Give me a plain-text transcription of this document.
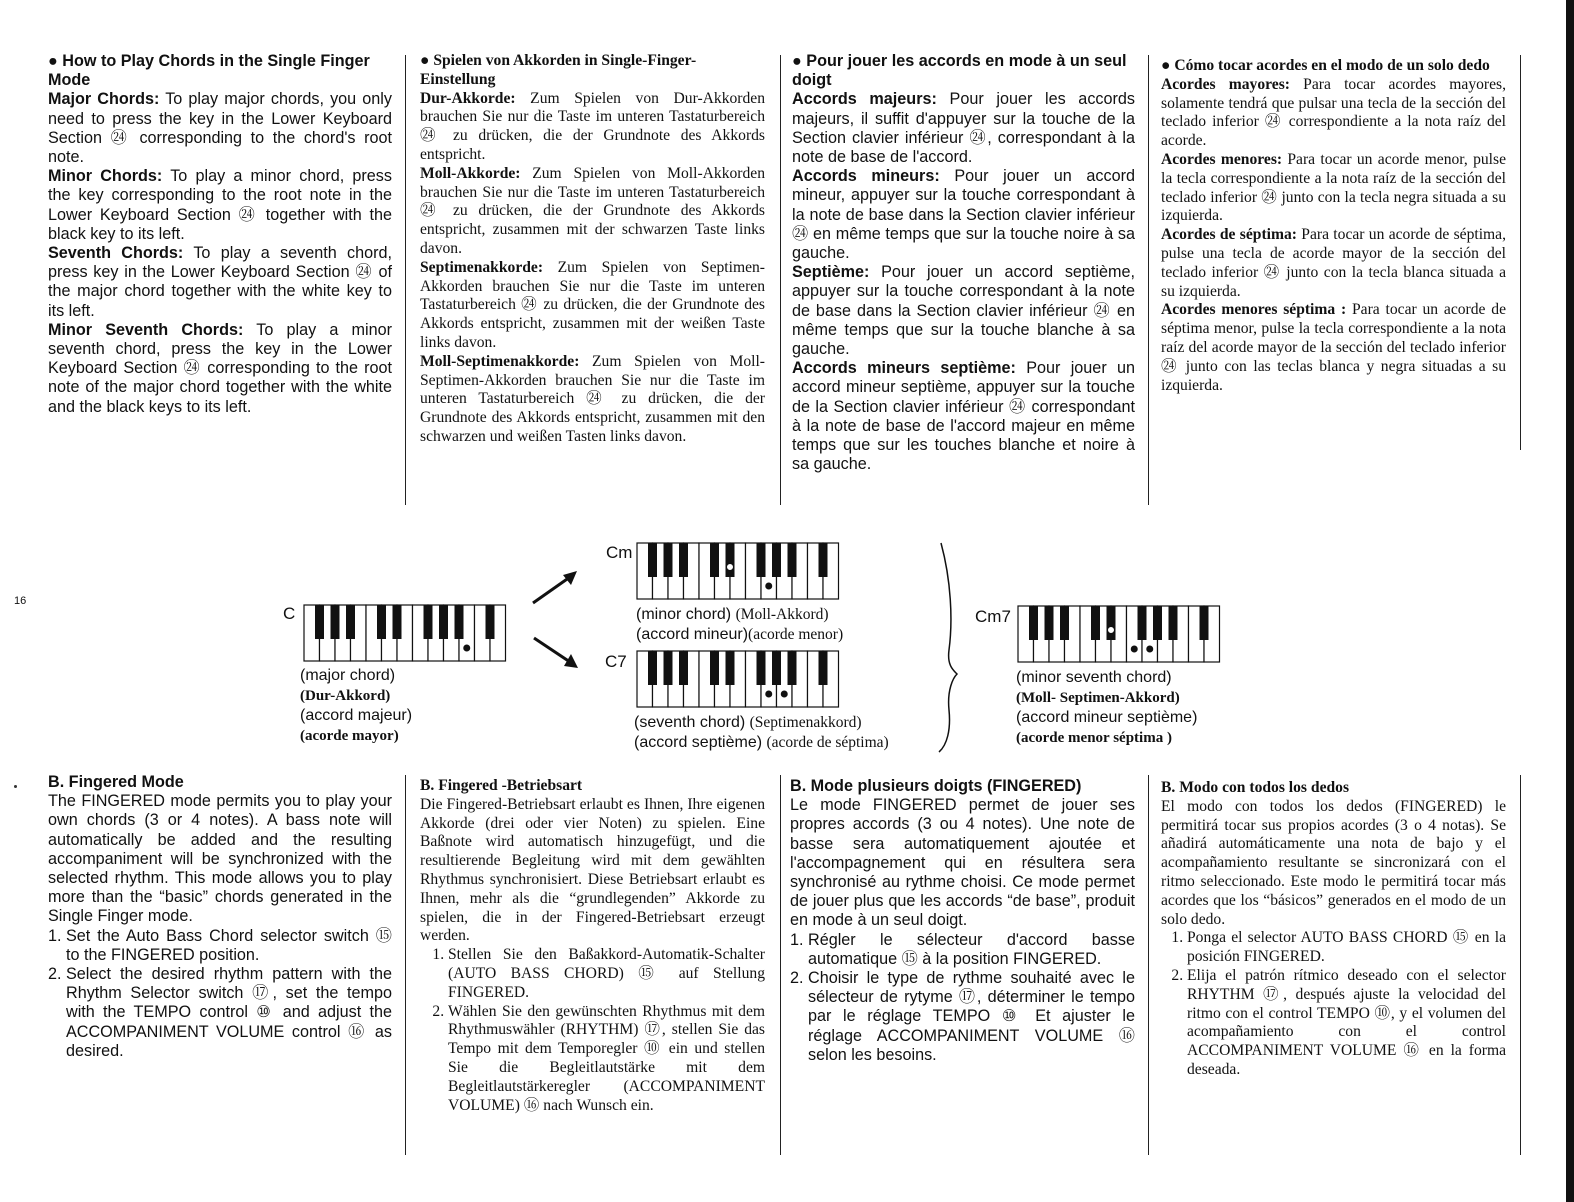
16

● How to Play Chords in the Single Finger Mode

Major Chords: To play major chords, you only need to press the key in the Lower Keyboard Section ㉔ corresponding to the chord's root note.

Minor Chords: To play a minor chord, press the key corresponding to the root note in the Lower Keyboard Section ㉔ together with the black key to its left.

Seventh Chords: To play a seventh chord, press key in the Lower Keyboard Section ㉔ of the major chord together with the white key to its left.

Minor Seventh Chords: To play a minor seventh chord, press the key in the Lower Keyboard Section ㉔ corresponding to the root note of the major chord together with the white and the black keys to its left.

● Spielen von Akkorden in Single-Finger-Einstellung

Dur-Akkorde: Zum Spielen von Dur-Akkorden brauchen Sie nur die Taste im unteren Tastaturbereich ㉔ zu drücken, die der Grundnote des Akkords entspricht.

Moll-Akkorde: Zum Spielen von Moll-Akkorden brauchen Sie nur die Taste im unteren Tastaturbereich ㉔ zu drücken, die der Grundnote des Akkords entspricht, zusammen mit der schwarzen Taste links davon.

Septimenakkorde: Zum Spielen von Septimen-Akkorden brauchen Sie nur die Taste im unteren Tastaturbereich ㉔ zu drücken, die der Grundnote des Akkords entspricht, zusammen mit der weißen Taste links davon.

Moll-Septimenakkorde: Zum Spielen von Moll-Septimen-Akkorden brauchen Sie nur die Taste im unteren Tastaturbereich ㉔ zu drücken, die der Grundnote des Akkords entspricht, zusammen mit den schwarzen und weißen Tasten links davon.

● Pour jouer les accords en mode à un seul doigt

Accords majeurs: Pour jouer les accords majeurs, il suffit d'appuyer sur la touche de la Section clavier inférieur ㉔, correspondant à la note de base de l'accord.

Accords mineurs: Pour jouer un accord mineur, appuyer sur la touche correspondant à la note de base dans la Section clavier inférieur ㉔ en même temps que sur la touche noire à sa gauche.

Septième: Pour jouer un accord septième, appuyer sur la touche correspondant à la note de base dans la Section clavier inférieur ㉔ en même temps que sur la touche blanche à sa gauche.

Accords mineurs septième: Pour jouer un accord mineur septième, appuyer sur la touche de la Section clavier inférieur ㉔ correspondant à la note de base de l'accord majeur en même temps que sur les touches blanche et noire à sa gauche.

● Cómo tocar acordes en el modo de un solo dedo

Acordes mayores: Para tocar acordes mayores, solamente tendrá que pulsar una tecla de la sección del teclado inferior ㉔ correspondiente a la nota raíz del acorde.

Acordes menores: Para tocar un acorde menor, pulse la tecla correspondiente a la nota raíz de la sección del teclado inferior ㉔ junto con la tecla negra situada a su izquierda.

Acordes de séptima: Para tocar un acorde de séptima, pulse una tecla de acorde mayor de la sección del teclado inferior ㉔ junto con la tecla blanca situada a su izquierda.

Acordes menores séptima : Para tocar un acorde de séptima menor, pulse la tecla correspondiente a la nota raíz del acorde mayor de la sección del teclado inferior ㉔ junto con las teclas blanca y negra situadas a su izquierda.

C
(major chord)
(Dur-Akkord)
(accord majeur)
(acorde mayor)
Cm
(minor chord) (Moll-Akkord)
(accord mineur)(acorde menor)
C7
(seventh chord) (Septimenakkord)
(accord septième) (acorde de séptima)
Cm7
(minor seventh chord)
(Moll- Septimen-Akkord)
(accord mineur septième)
(acorde menor séptima )

B. Fingered Mode

The FINGERED mode permits you to play your own chords (3 or 4 notes). A bass note will automatically be added and the resulting accompaniment will be synchronized with the selected rhythm. This mode allows you to play more than the “basic” chords generated in the Single Finger mode.

1. Set the Auto Bass Chord selector switch ⑮ to the FINGERED position.
2. Select the desired rhythm pattern with the Rhythm Selector switch ⑰, set the tempo with the TEMPO control ⑩ and adjust the ACCOMPANIMENT VOLUME control ⑯ as desired.

B. Fingered -Betriebsart

Die Fingered-Betriebsart erlaubt es Ihnen, Ihre eigenen Akkorde (drei oder vier Noten) zu spielen. Eine Baßnote wird automatisch hinzugefügt, und die resultierende Begleitung wird mit dem gewählten Rhythmus synchronisiert. Diese Betriebsart erlaubt es Ihnen, mehr als die “grundlegenden” Akkorde zu spielen, die in der Fingered-Betriebsart erzeugt werden.

1. Stellen Sie den Baßakkord-Automatik-Schalter (AUTO BASS CHORD) ⑮ auf Stellung FINGERED.
2. Wählen Sie den gewünschten Rhythmus mit dem Rhythmuswähler (RHYTHM) ⑰, stellen Sie das Tempo mit dem Temporegler ⑩ ein und stellen Sie die Begleitlautstärke mit dem Begleitlautstärkeregler (ACCOMPANIMENT VOLUME) ⑯ nach Wunsch ein.

B. Mode plusieurs doigts (FINGERED)

Le mode FINGERED permet de jouer ses propres accords (3 ou 4 notes). Une note de basse sera automatiquement ajoutée et l'accompagnement qui en résultera sera synchronisé au rythme choisi. Ce mode permet de jouer plus que les accords “de base”, produit en mode à un seul doigt.

1. Régler le sélecteur d'accord basse automatique ⑮ à la position FINGERED.
2. Choisir le type de rythme souhaité avec le sélecteur de rytyme ⑰, déterminer le tempo par le réglage TEMPO ⑩ Et ajuster le réglage ACCOMPANIMENT VOLUME ⑯ selon les besoins.

B. Modo con todos los dedos

El modo con todos los dedos (FINGERED) le permitirá tocar sus propios acordes (3 o 4 notas). Se añadirá automáticamente una nota de bajo y el acompañamiento resultante se sincronizará con el ritmo seleccionado. Este modo le permitirá tocar más acordes que los “básicos” generados en el modo de un solo dedo.

1. Ponga el selector AUTO BASS CHORD ⑮ en la posición FINGERED.
2. Elija el patrón rítmico deseado con el selector RHYTHM ⑰, después ajuste la velocidad del ritmo con el control TEMPO ⑩, y el volumen del acompañamiento con el control ACCOMPANIMENT VOLUME ⑯ en la forma deseada.
